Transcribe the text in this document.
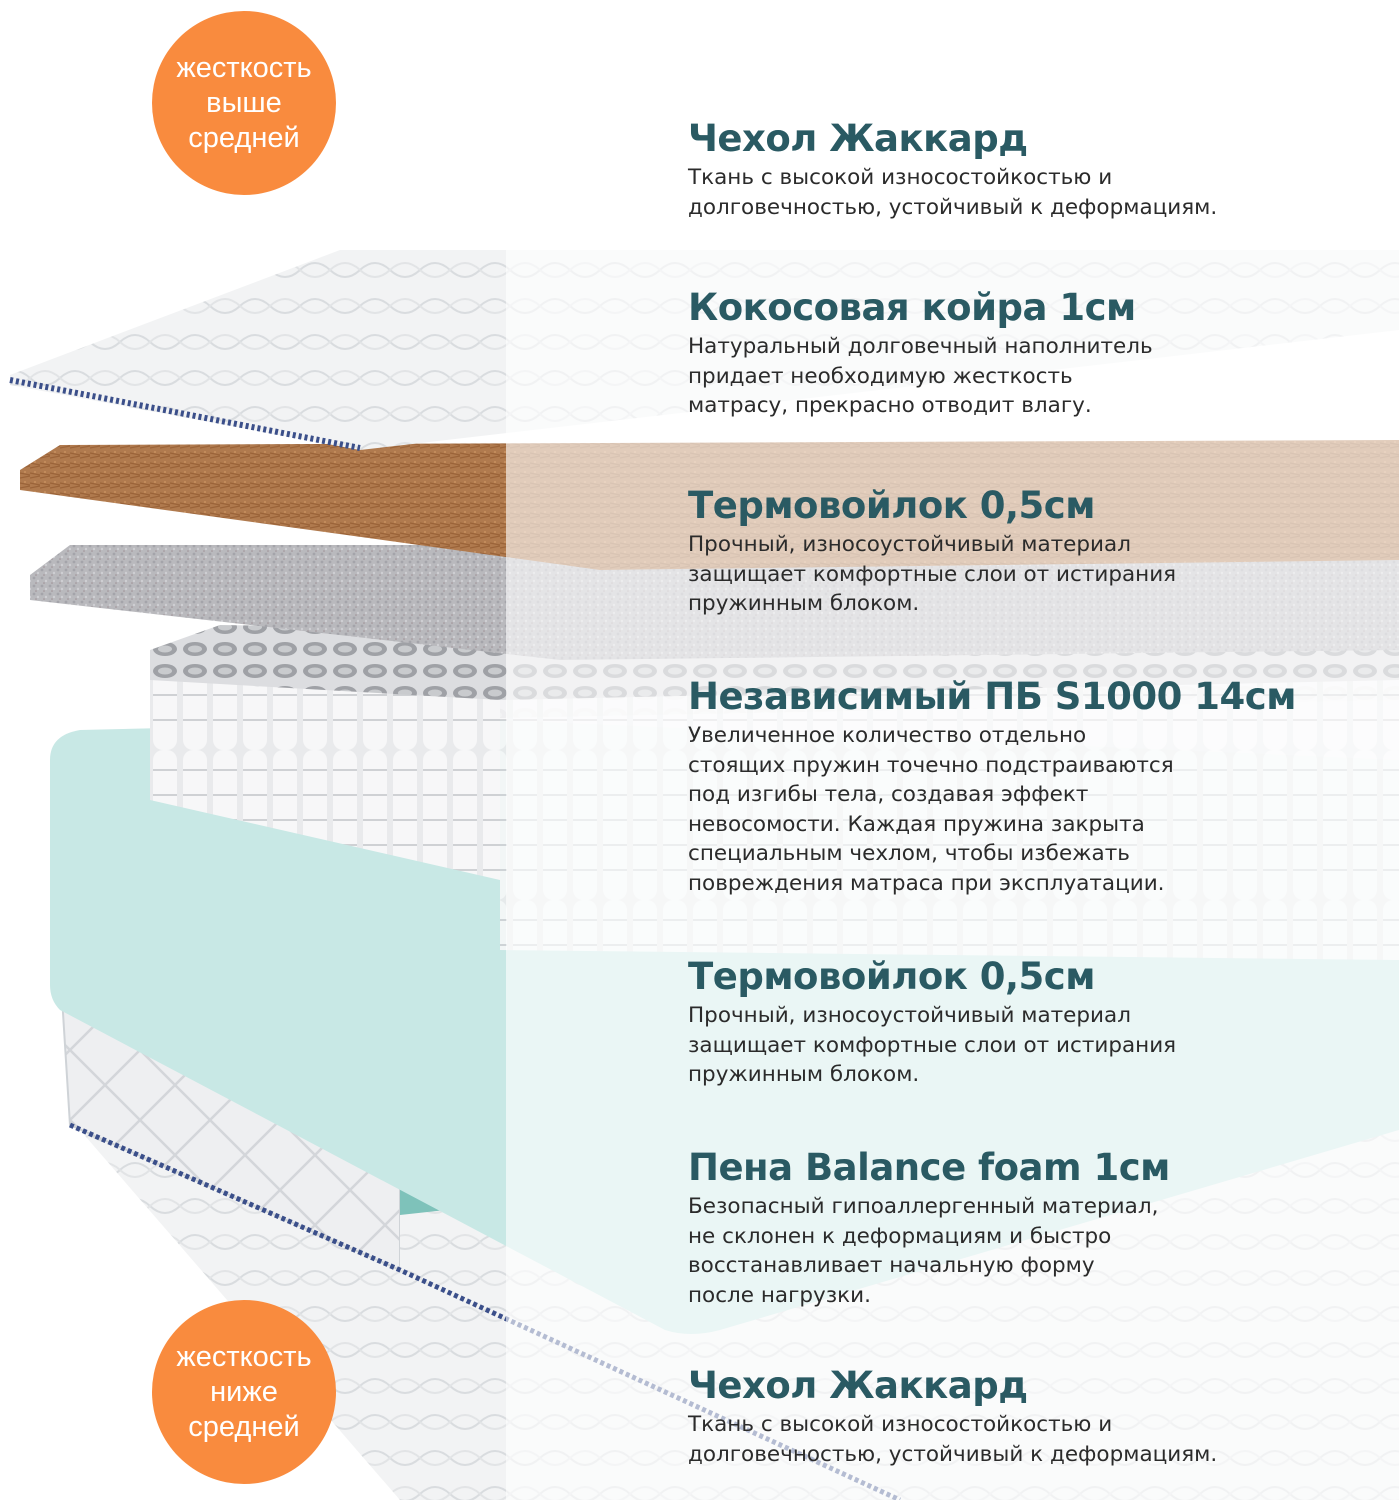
жесткость
выше
средней
жесткость
ниже
средней
Чехол Жаккард
Ткань с высокой износостойкостью и
долговечностью, устойчивый к деформациям.
Кокосовая койра 1см
Натуральный долговечный наполнитель
придает необходимую жесткость
матрасу, прекрасно отводит влагу.
Термовойлок 0,5см
Прочный, износоустойчивый материал
защищает комфортные слои от истирания
пружинным блоком.
Независимый ПБ S1000 14см
Увеличенное количество отдельно
стоящих пружин точечно подстраиваются
под изгибы тела, создавая эффект
невосомости. Каждая пружина закрыта
специальным чехлом, чтобы избежать
повреждения матраса при эксплуатации.
Термовойлок 0,5см
Прочный, износоустойчивый материал
защищает комфортные слои от истирания
пружинным блоком.
Пена Balance foam 1см
Безопасный гипоаллергенный материал,
не склонен к деформациям и быстро
восстанавливает начальную форму
после нагрузки.
Чехол Жаккард
Ткань с высокой износостойкостью и
долговечностью, устойчивый к деформациям.
